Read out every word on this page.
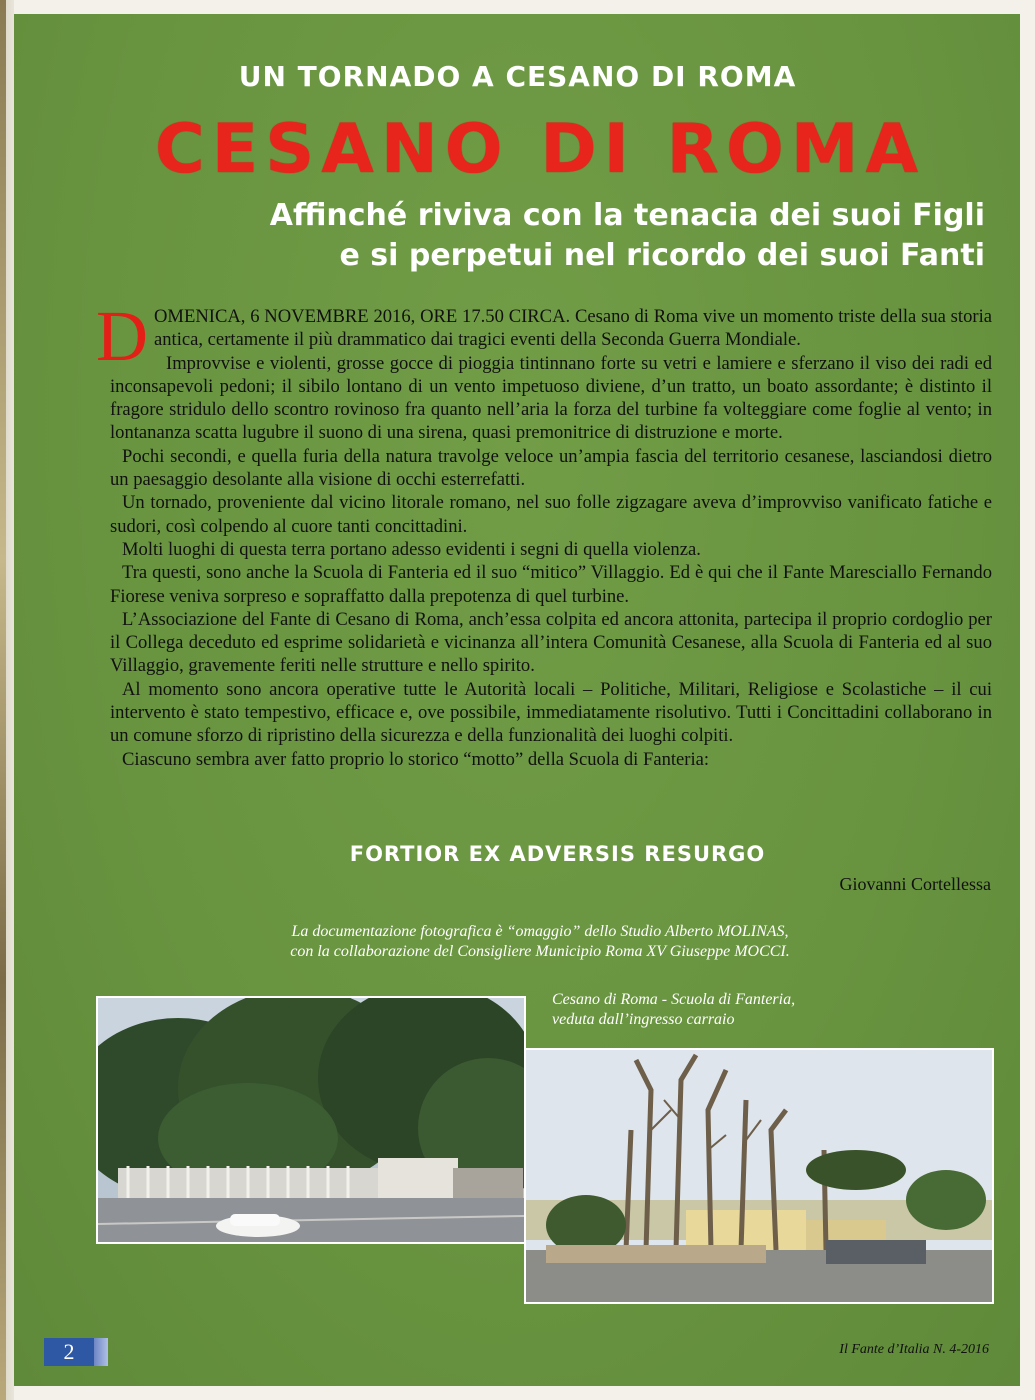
UN TORNADO A CESANO DI ROMA
CESANO DI ROMA
Affinché riviva con la tenacia dei suoi Figli
e si perpetui nel ricordo dei suoi Fanti

DOMENICA, 6 NOVEMBRE 2016, ORE 17.50 CIRCA. Cesano di Roma vive un momento triste della sua storia antica, certamente il più drammatico dai tragici eventi della Seconda Guerra Mondiale.

Improvvise e violenti, grosse gocce di pioggia tintinnano forte su vetri e lamiere e sferzano il viso dei radi ed inconsapevoli pedoni; il sibilo lontano di un vento impetuoso diviene, d’un tratto, un boato assordante; è distinto il fragore stridulo dello scontro rovinoso fra quanto nell’aria la forza del turbine fa volteggiare come foglie al vento; in lontananza scatta lugubre il suono di una sirena, quasi premonitrice di distruzione e morte.

Pochi secondi, e quella furia della natura travolge veloce un’ampia fascia del territorio cesanese, lasciandosi dietro un paesaggio desolante alla visione di occhi esterrefatti.

Un tornado, proveniente dal vicino litorale romano, nel suo folle zigzagare aveva d’improvviso vanificato fatiche e sudori, così colpendo al cuore tanti concittadini.

Molti luoghi di questa terra portano adesso evidenti i segni di quella violenza.

Tra questi, sono anche la Scuola di Fanteria ed il suo “mitico” Villaggio. Ed è qui che il Fante Maresciallo Fernando Fiorese veniva sorpreso e sopraffatto dalla prepotenza di quel turbine.

L’Associazione del Fante di Cesano di Roma, anch’essa colpita ed ancora attonita, partecipa il proprio cordoglio per il Collega deceduto ed esprime solidarietà e vicinanza all’intera Comunità Cesanese, alla Scuola di Fanteria ed al suo Villaggio, gravemente feriti nelle strutture e nello spirito.

Al momento sono ancora operative tutte le Autorità locali – Politiche, Militari, Religiose e Scolastiche – il cui intervento è stato tempestivo, efficace e, ove possibile, immediatamente risolutivo. Tutti i Concittadini collaborano in un comune sforzo di ripristino della sicurezza e della funzionalità dei luoghi colpiti.

Ciascuno sembra aver fatto proprio lo storico “motto” della Scuola di Fanteria:

FORTIOR EX ADVERSIS RESURGO
Giovanni Cortellessa
La documentazione fotografica è “omaggio” dello Studio Alberto MOLINAS,
con la collaborazione del Consigliere Municipio Roma XV Giuseppe MOCCI.
Cesano di Roma - Scuola di Fanteria,
veduta dall’ingresso carraio
2	Il Fante d’Italia N. 4-2016
